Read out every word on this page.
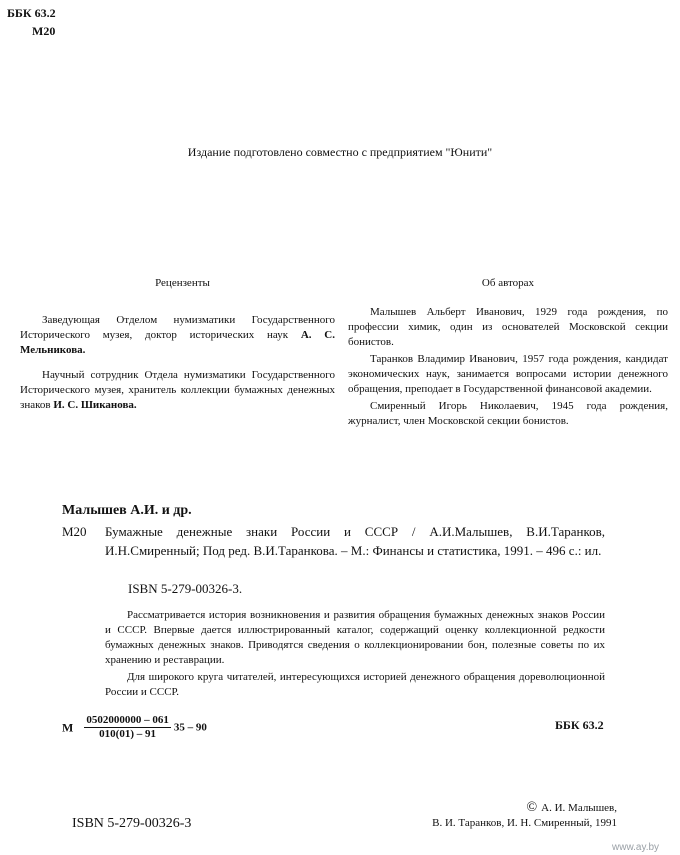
ББК 63.2
М20
Издание подготовлено совместно с предприятием "Юнити"
Рецензенты

Заведующая Отделом нумизматики Государственного Исторического музея, доктор исторических наук А. С. Мельникова.

Научный сотрудник Отдела нумизматики Государственного Исторического музея, хранитель коллекции бумажных денежных знаков И. С. Шиканова.

Об авторах

Малышев Альберт Иванович, 1929 года рождения, по профессии химик, один из основателей Московской секции бонистов.

Таранков Владимир Иванович, 1957 года рождения, кандидат экономических наук, занимается вопросами истории денежного обращения, преподает в Государственной финансовой академии.

Смиренный Игорь Николаевич, 1945 года рождения, журналист, член Московской секции бонистов.

Малышев А.И. и др.
М20 Бумажные денежные знаки России и СССР / А.И.Малышев, В.И.Таранков, И.Н.Смиренный; Под ред. В.И.Таранкова. – М.: Финансы и статистика, 1991. – 496 с.: ил.
ISBN 5-279-00326-3.

Рассматривается история возникновения и развития обращения бумажных денежных знаков России и СССР. Впервые дается иллюстрированный каталог, содержащий оценку коллекционной редкости бумажных денежных знаков. Приводятся сведения о коллекционировании бон, полезные советы по их хранению и реставрации.

Для широкого круга читателей, интересующихся историей денежного обращения дореволюционной России и СССР.

М $\frac{0502000000 - 061}{010(01) - 91} 35 - 90$	ББК 63.2
ISBN 5-279-00326-3
© А. И. Малышев,
В. И. Таранков, И. Н. Смиренный, 1991
www.ay.by
